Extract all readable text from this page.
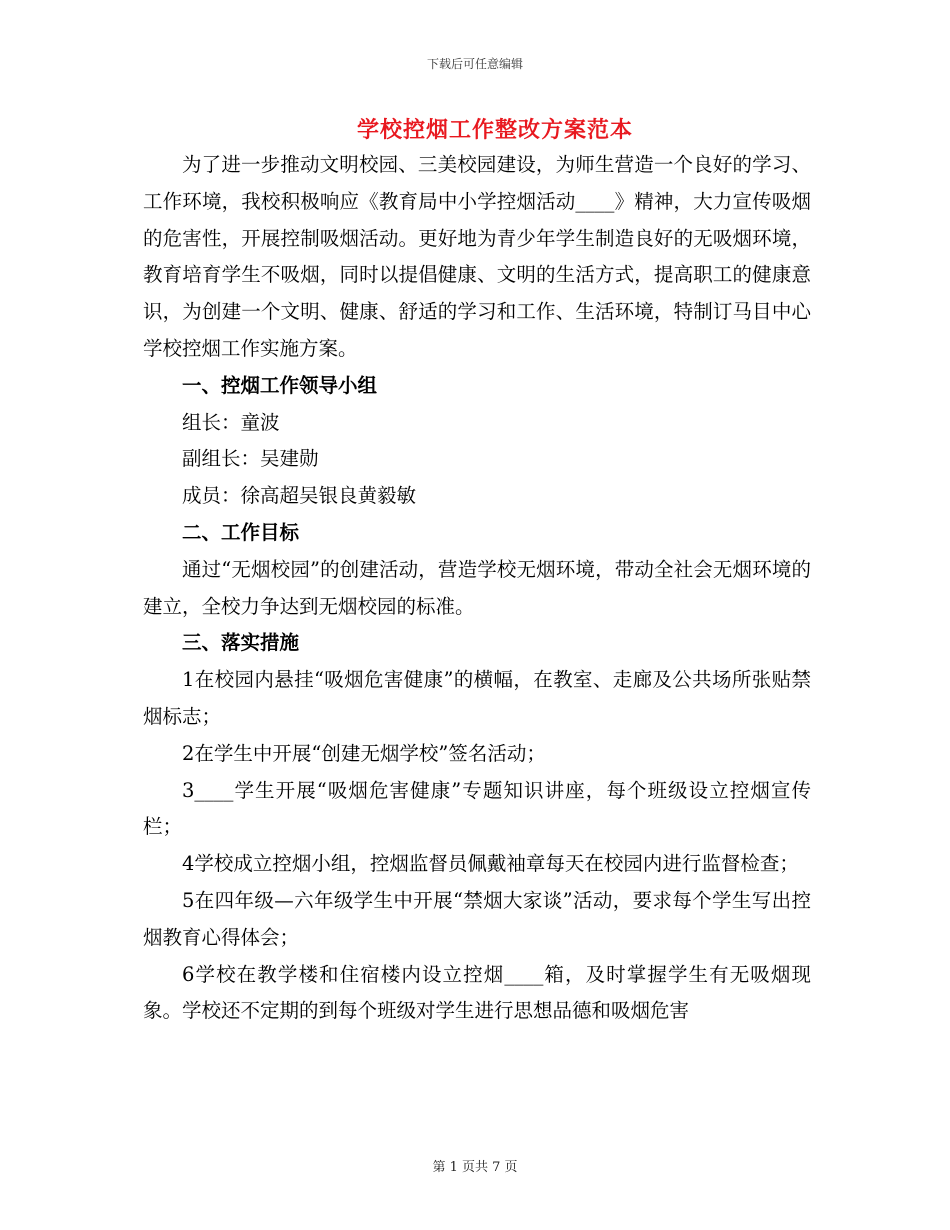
下载后可任意编辑
学校控烟工作整改方案范本

为了进一步推动文明校园、三美校园建设，为师生营造一个良好的学习、工作环境，我校积极响应《教育局中小学控烟活动____》精神，大力宣传吸烟的危害性，开展控制吸烟活动。更好地为青少年学生制造良好的无吸烟环境，教育培育学生不吸烟，同时以提倡健康、文明的生活方式，提高职工的健康意识，为创建一个文明、健康、舒适的学习和工作、生活环境，特制订马目中心学校控烟工作实施方案。

一、控烟工作领导小组

组长：童波

副组长：吴建勋

成员：徐高超吴银良黄毅敏

二、工作目标

通过“无烟校园”的创建活动，营造学校无烟环境，带动全社会无烟环境的建立，全校力争达到无烟校园的标准。

三、落实措施

1在校园内悬挂“吸烟危害健康”的横幅，在教室、走廊及公共场所张贴禁烟标志；

2在学生中开展“创建无烟学校”签名活动；

3____学生开展“吸烟危害健康”专题知识讲座，每个班级设立控烟宣传栏；

4学校成立控烟小组，控烟监督员佩戴袖章每天在校园内进行监督检查；

5在四年级—六年级学生中开展“禁烟大家谈”活动，要求每个学生写出控烟教育心得体会；

6学校在教学楼和住宿楼内设立控烟____箱，及时掌握学生有无吸烟现象。学校还不定期的到每个班级对学生进行思想品德和吸烟危害

第 1 页共 7 页
